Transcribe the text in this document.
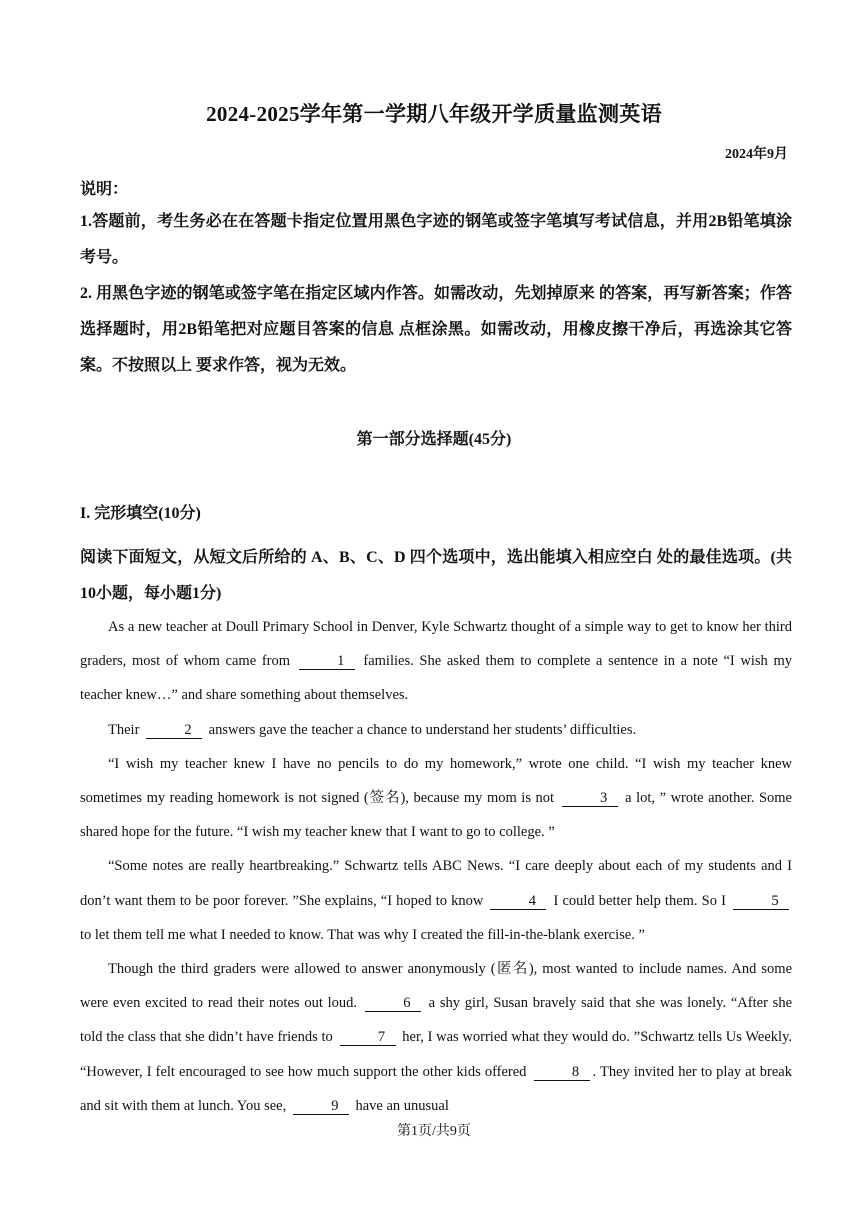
2024-2025学年第一学期八年级开学质量监测英语
2024年9月
说明：
1.答题前，考生务必在在答题卡指定位置用黑色字迹的钢笔或签字笔填写考试信息，并用2B铅笔填涂考号。
2. 用黑色字迹的钢笔或签字笔在指定区域内作答。如需改动，先划掉原来 的答案，再写新答案；作答选择题时，用2B铅笔把对应题目答案的信息 点框涂黑。如需改动，用橡皮擦干净后，再选涂其它答案。不按照以上 要求作答，视为无效。
第一部分选择题(45分)
I. 完形填空(10分)
阅读下面短文，从短文后所给的 A、B、C、D 四个选项中，选出能填入相应空白 处的最佳选项。(共10小题，每小题1分)

As a new teacher at Doull Primary School in Denver, Kyle Schwartz thought of a simple way to get to know her third graders, most of whom came from	1 families. She asked them to complete a sentence in a note “I wish my teacher knew…” and share something about themselves.

Their	2 answers gave the teacher a chance to understand her students’ difficulties.

“I wish my teacher knew I have no pencils to do my homework,” wrote one child. “I wish my teacher knew sometimes my reading homework is not signed (签名), because my mom is not	3 a lot, ” wrote another. Some shared hope for the future. “I wish my teacher knew that I want to go to college. ”

“Some notes are really heartbreaking.” Schwartz tells ABC News. “I care deeply about each of my students and I don’t want them to be poor forever. ”She explains, “I hoped to know	4 I could better help them. So I	5 to let them tell me what I needed to know. That was why I created the fill-in-the-blank exercise. ”

Though the third graders were allowed to answer anonymously (匿名), most wanted to include names. And some were even excited to read their notes out loud.	6 a shy girl, Susan bravely said that she was lonely. “After she told the class that she didn’t have friends to	7 her, I was worried what they would do. ”Schwartz tells Us Weekly. “However, I felt encouraged to see how much support the other kids offered	8 . They invited her to play at break and sit with them at lunch. You see,	9 have an unusual

第1页/共9页
